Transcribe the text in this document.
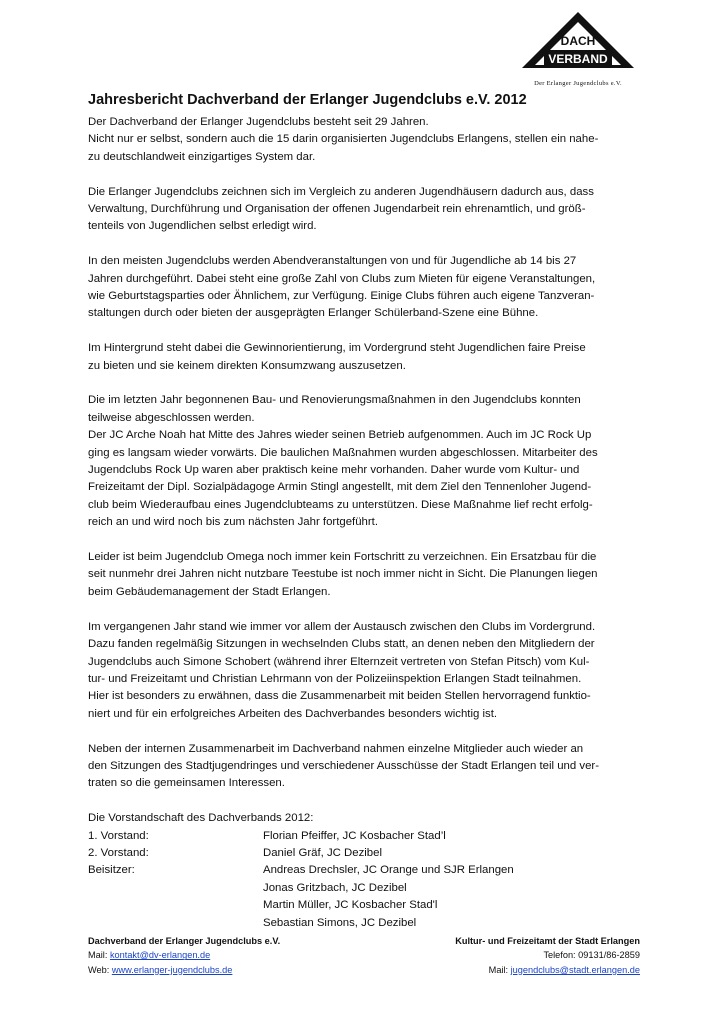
DACH
VERBAND
Der Erlanger Jugendclubs e.V.
Jahresbericht Dachverband der Erlanger Jugendclubs e.V. 2012

Der Dachverband der Erlanger Jugendclubs besteht seit 29 Jahren.
Nicht nur er selbst, sondern auch die 15 darin organisierten Jugendclubs Erlangens, stellen ein nahe-
zu deutschlandweit einzigartiges System dar.

Die Erlanger Jugendclubs zeichnen sich im Vergleich zu anderen Jugendhäusern dadurch aus, dass
Verwaltung, Durchführung und Organisation der offenen Jugendarbeit rein ehrenamtlich, und größ-
tenteils von Jugendlichen selbst erledigt wird.

In den meisten Jugendclubs werden Abendveranstaltungen von und für Jugendliche ab 14 bis 27
Jahren durchgeführt. Dabei steht eine große Zahl von Clubs zum Mieten für eigene Veranstaltungen,
wie Geburtstagsparties oder Ähnlichem, zur Verfügung. Einige Clubs führen auch eigene Tanzveran-
staltungen durch oder bieten der ausgeprägten Erlanger Schülerband-Szene eine Bühne.

Im Hintergrund steht dabei die Gewinnorientierung, im Vordergrund steht Jugendlichen faire Preise
zu bieten und sie keinem direkten Konsumzwang auszusetzen.

Die im letzten Jahr begonnenen Bau- und Renovierungsmaßnahmen in den Jugendclubs konnten
teilweise abgeschlossen werden.
Der JC Arche Noah hat Mitte des Jahres wieder seinen Betrieb aufgenommen. Auch im JC Rock Up
ging es langsam wieder vorwärts. Die baulichen Maßnahmen wurden abgeschlossen. Mitarbeiter des
Jugendclubs Rock Up waren aber praktisch keine mehr vorhanden. Daher wurde vom Kultur- und
Freizeitamt der Dipl. Sozialpädagoge Armin Stingl angestellt, mit dem Ziel den Tennenloher Jugend-
club beim Wiederaufbau eines Jugendclubteams zu unterstützen. Diese Maßnahme lief recht erfolg-
reich an und wird noch bis zum nächsten Jahr fortgeführt.

Leider ist beim Jugendclub Omega noch immer kein Fortschritt zu verzeichnen. Ein Ersatzbau für die
seit nunmehr drei Jahren nicht nutzbare Teestube ist noch immer nicht in Sicht. Die Planungen liegen
beim Gebäudemanagement der Stadt Erlangen.

Im vergangenen Jahr stand wie immer vor allem der Austausch zwischen den Clubs im Vordergrund.
Dazu fanden regelmäßig Sitzungen in wechselnden Clubs statt, an denen neben den Mitgliedern der
Jugendclubs auch Simone Schobert (während ihrer Elternzeit vertreten von Stefan Pitsch) vom Kul-
tur- und Freizeitamt und Christian Lehrmann von der Polizeiinspektion Erlangen Stadt teilnahmen.
Hier ist besonders zu erwähnen, dass die Zusammenarbeit mit beiden Stellen hervorragend funktio-
niert und für ein erfolgreiches Arbeiten des Dachverbandes besonders wichtig ist.

Neben der internen Zusammenarbeit im Dachverband nahmen einzelne Mitglieder auch wieder an
den Sitzungen des Stadtjugendringes und verschiedener Ausschüsse der Stadt Erlangen teil und ver-
traten so die gemeinsamen Interessen.

Die Vorstandschaft des Dachverbands 2012:
1. Vorstand:	Florian Pfeiffer, JC Kosbacher Stad’l
2. Vorstand:	Daniel Gräf, JC Dezibel
Beisitzer:	Andreas Drechsler, JC Orange und SJR Erlangen
Jonas Gritzbach, JC Dezibel
Martin Müller, JC Kosbacher Stad'l
Sebastian Simons, JC Dezibel
Dachverband der Erlanger Jugendclubs e.V.
Mail: kontakt@dv-erlangen.de
Web: www.erlanger-jugendclubs.de
Kultur- und Freizeitamt der Stadt Erlangen
Telefon: 09131/86-2859
Mail: jugendclubs@stadt.erlangen.de
